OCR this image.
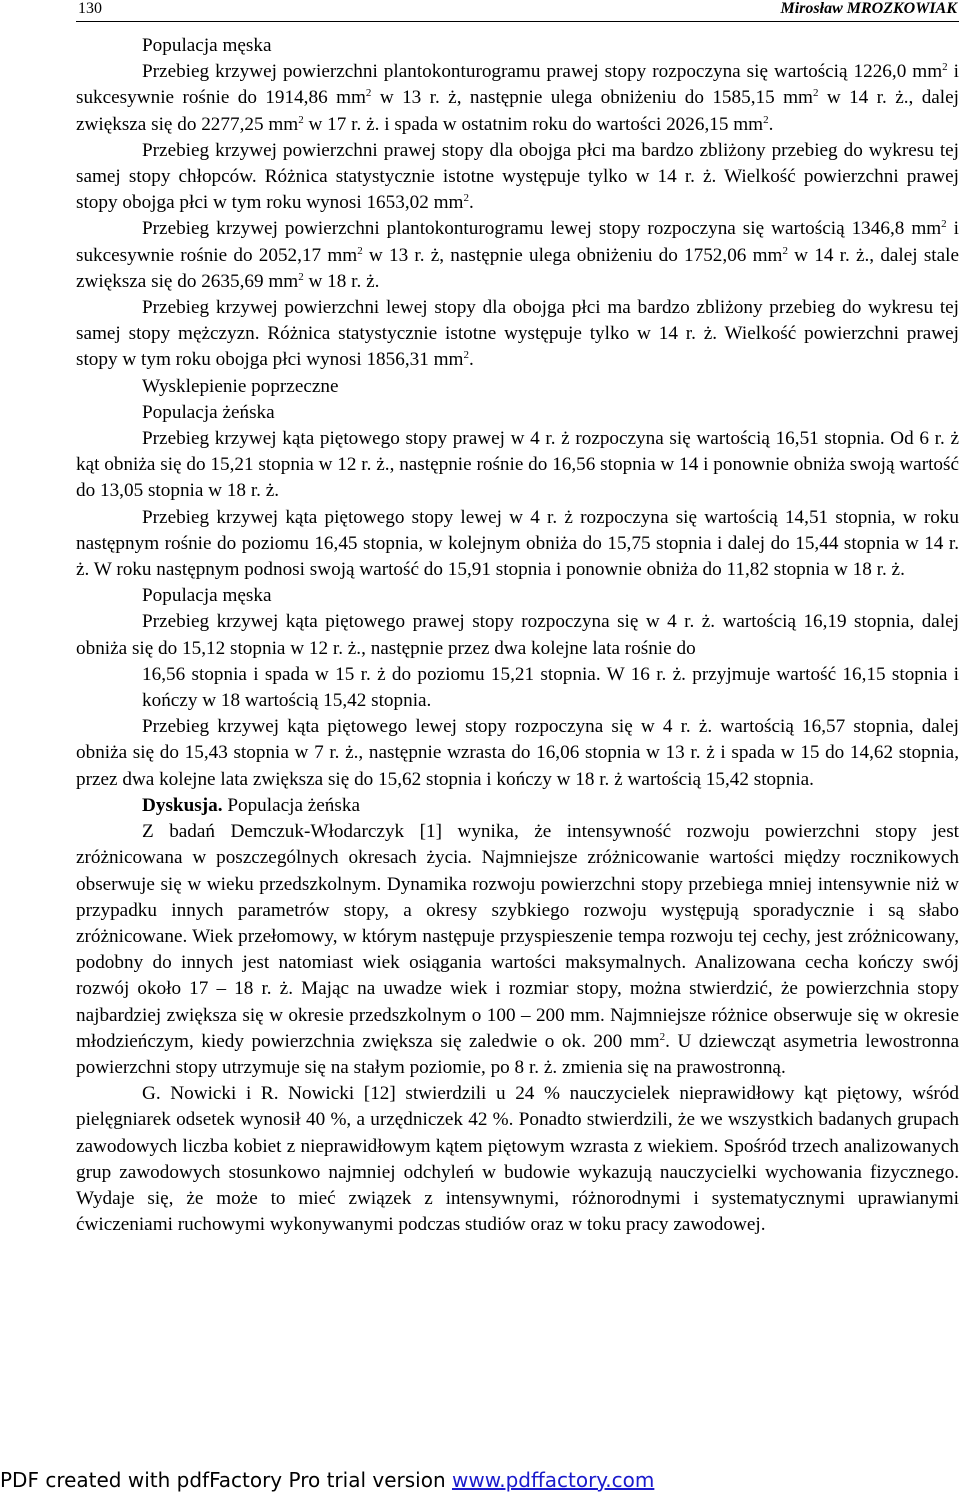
130	Mirosław MROZKOWIAK

Populacja męska

Przebieg krzywej powierzchni plantokonturogramu prawej stopy rozpoczyna się wartością 1226,0 $mm^2$ i sukcesywnie rośnie do 1914,86 $mm^2$ w 13 r. ż, następnie ulega obniżeniu do 1585,15 $mm^2$ w 14 r. ż., dalej zwiększa się do 2277,25 $mm^2$ w 17 r. ż. i spada w ostatnim roku do wartości 2026,15 $mm^2$.

Przebieg krzywej powierzchni prawej stopy dla obojga płci ma bardzo zbliżony przebieg do wykresu tej samej stopy chłopców. Różnica statystycznie istotne występuje tylko w 14 r. ż. Wielkość powierzchni prawej stopy obojga płci w tym roku wynosi 1653,02 $mm^2$.

Przebieg krzywej powierzchni plantokonturogramu lewej stopy rozpoczyna się wartością 1346,8 $mm^2$ i sukcesywnie rośnie do 2052,17 $mm^2$ w 13 r. ż, następnie ulega obniżeniu do 1752,06 $mm^2$ w 14 r. ż., dalej stale zwiększa się do 2635,69 $mm^2$ w 18 r. ż.

Przebieg krzywej powierzchni lewej stopy dla obojga płci ma bardzo zbliżony przebieg do wykresu tej samej stopy mężczyzn. Różnica statystycznie istotne występuje tylko w 14 r. ż. Wielkość powierzchni prawej stopy w tym roku obojga płci wynosi 1856,31 $mm^2$.

Wysklepienie poprzeczne

Populacja żeńska

Przebieg krzywej kąta piętowego stopy prawej w 4 r. ż rozpoczyna się wartością 16,51 stopnia. Od 6 r. ż kąt obniża się do 15,21 stopnia w 12 r. ż., następnie rośnie do 16,56 stopnia w 14 i ponownie obniża swoją wartość do 13,05 stopnia w 18 r. ż.

Przebieg krzywej kąta piętowego stopy lewej w 4 r. ż rozpoczyna się wartością 14,51 stopnia, w roku następnym rośnie do poziomu 16,45 stopnia, w kolejnym obniża do 15,75 stopnia i dalej do 15,44 stopnia w 14 r. ż. W roku następnym podnosi swoją wartość do 15,91 stopnia i ponownie obniża do 11,82 stopnia w 18 r. ż.

Populacja męska

Przebieg krzywej kąta piętowego prawej stopy rozpoczyna się w 4 r. ż. wartością 16,19 stopnia, dalej obniża się do 15,12 stopnia w 12 r. ż., następnie przez dwa kolejne lata rośnie do

16,56 stopnia i spada w 15 r. ż do poziomu 15,21 stopnia. W 16 r. ż. przyjmuje wartość 16,15 stopnia i kończy w 18 wartością 15,42 stopnia.

Przebieg krzywej kąta piętowego lewej stopy rozpoczyna się w 4 r. ż. wartością 16,57 stopnia, dalej obniża się do 15,43 stopnia w 7 r. ż., następnie wzrasta do 16,06 stopnia w 13 r. ż i spada w 15 do 14,62 stopnia, przez dwa kolejne lata zwiększa się do 15,62 stopnia i kończy w 18 r. ż wartością 15,42 stopnia.

Dyskusja. Populacja żeńska

Z badań Demczuk-Włodarczyk [1] wynika, że intensywność rozwoju powierzchni stopy jest zróżnicowana w poszczególnych okresach życia. Najmniejsze zróżnicowanie wartości między rocznikowych obserwuje się w wieku przedszkolnym. Dynamika rozwoju powierzchni stopy przebiega mniej intensywnie niż w przypadku innych parametrów stopy, a okresy szybkiego rozwoju występują sporadycznie i są słabo zróżnicowane. Wiek przełomowy, w którym następuje przyspieszenie tempa rozwoju tej cechy, jest zróżnicowany, podobny do innych jest natomiast wiek osiągania wartości maksymalnych. Analizowana cecha kończy swój rozwój około 17 – 18 r. ż. Mając na uwadze wiek i rozmiar stopy, można stwierdzić, że powierzchnia stopy najbardziej zwiększa się w okresie przedszkolnym o 100 – 200 mm. Najmniejsze różnice obserwuje się w okresie młodzieńczym, kiedy powierzchnia zwiększa się zaledwie o ok. 200 $mm^2$. U dziewcząt asymetria lewostronna powierzchni stopy utrzymuje się na stałym poziomie, po 8 r. ż. zmienia się na prawostronną.

G. Nowicki i R. Nowicki [12] stwierdzili u 24 % nauczycielek nieprawidłowy kąt piętowy, wśród pielęgniarek odsetek wynosił 40 %, a urzędniczek 42 %. Ponadto stwierdzili, że we wszystkich badanych grupach zawodowych liczba kobiet z nieprawidłowym kątem piętowym wzrasta z wiekiem. Spośród trzech analizowanych grup zawodowych stosunkowo najmniej odchyleń w budowie wykazują nauczycielki wychowania fizycznego. Wydaje się, że może to mieć związek z intensywnymi, różnorodnymi i systematycznymi uprawianymi ćwiczeniami ruchowymi wykonywanymi podczas studiów oraz w toku pracy zawodowej.

PDF created with pdfFactory Pro trial version www.pdffactory.com
